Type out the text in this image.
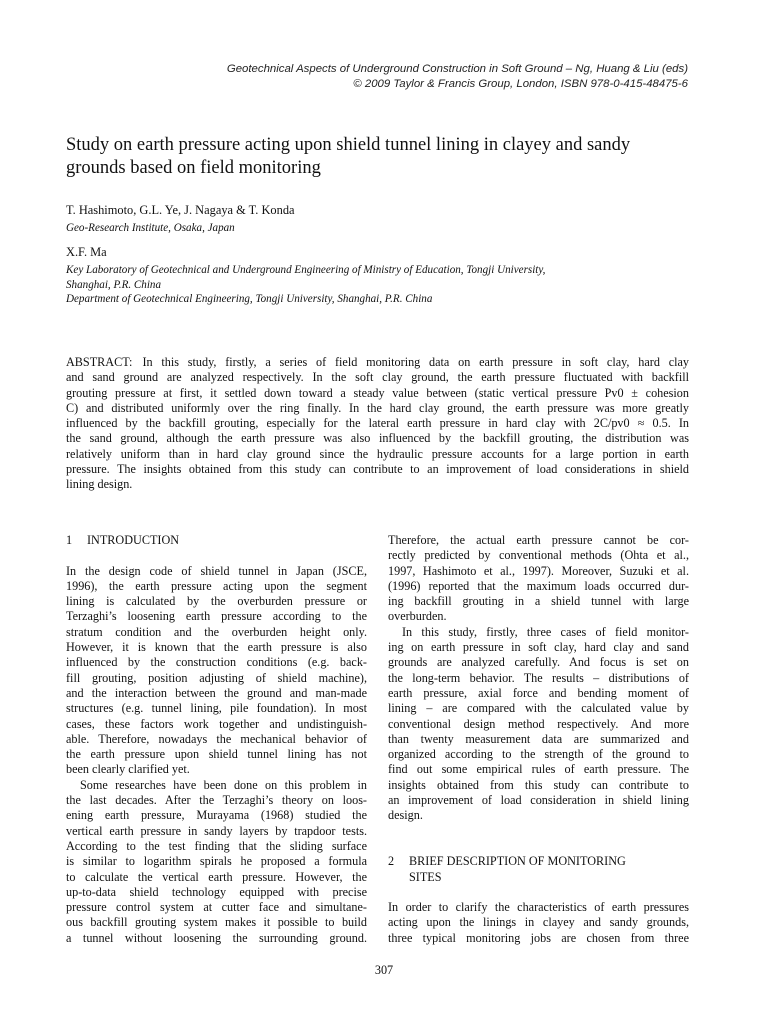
Geotechnical Aspects of Underground Construction in Soft Ground – Ng, Huang & Liu (eds)
© 2009 Taylor & Francis Group, London, ISBN 978-0-415-48475-6
Study on earth pressure acting upon shield tunnel lining in clayey and sandy
grounds based on field monitoring
T. Hashimoto, G.L. Ye, J. Nagaya & T. Konda
Geo-Research Institute, Osaka, Japan
X.F. Ma
Key Laboratory of Geotechnical and Underground Engineering of Ministry of Education, Tongji University,
Shanghai, P.R. China
Department of Geotechnical Engineering, Tongji University, Shanghai, P.R. China
ABSTRACT: In this study, firstly, a series of field monitoring data on earth pressure in soft clay, hard clay
and sand ground are analyzed respectively. In the soft clay ground, the earth pressure fluctuated with backfill
grouting pressure at first, it settled down toward a steady value between (static vertical pressure Pv0 ± cohesion
C) and distributed uniformly over the ring finally. In the hard clay ground, the earth pressure was more greatly
influenced by the backfill grouting, especially for the lateral earth pressure in hard clay with 2C/pv0 ≈ 0.5. In
the sand ground, although the earth pressure was also influenced by the backfill grouting, the distribution was
relatively uniform than in hard clay ground since the hydraulic pressure accounts for a large portion in earth
pressure. The insights obtained from this study can contribute to an improvement of load considerations in shield
lining design.
1 INTRODUCTION
In the design code of shield tunnel in Japan (JSCE,
1996), the earth pressure acting upon the segment
lining is calculated by the overburden pressure or
Terzaghi’s loosening earth pressure according to the
stratum condition and the overburden height only.
However, it is known that the earth pressure is also
influenced by the construction conditions (e.g. back-
fill grouting, position adjusting of shield machine),
and the interaction between the ground and man-made
structures (e.g. tunnel lining, pile foundation). In most
cases, these factors work together and undistinguish-
able. Therefore, nowadays the mechanical behavior of
the earth pressure upon shield tunnel lining has not
been clearly clarified yet.
Some researches have been done on this problem in
the last decades. After the Terzaghi’s theory on loos-
ening earth pressure, Murayama (1968) studied the
vertical earth pressure in sandy layers by trapdoor tests.
According to the test finding that the sliding surface
is similar to logarithm spirals he proposed a formula
to calculate the vertical earth pressure. However, the
up-to-data shield technology equipped with precise
pressure control system at cutter face and simultane-
ous backfill grouting system makes it possible to build
a tunnel without loosening the surrounding ground.
Therefore, the actual earth pressure cannot be cor-
rectly predicted by conventional methods (Ohta et al.,
1997, Hashimoto et al., 1997). Moreover, Suzuki et al.
(1996) reported that the maximum loads occurred dur-
ing backfill grouting in a shield tunnel with large
overburden.
In this study, firstly, three cases of field monitor-
ing on earth pressure in soft clay, hard clay and sand
grounds are analyzed carefully. And focus is set on
the long-term behavior. The results – distributions of
earth pressure, axial force and bending moment of
lining – are compared with the calculated value by
conventional design method respectively. And more
than twenty measurement data are summarized and
organized according to the strength of the ground to
find out some empirical rules of earth pressure. The
insights obtained from this study can contribute to
an improvement of load consideration in shield lining
design.
2 BRIEF DESCRIPTION OF MONITORING
SITES
In order to clarify the characteristics of earth pressures
acting upon the linings in clayey and sandy grounds,
three typical monitoring jobs are chosen from three
307
